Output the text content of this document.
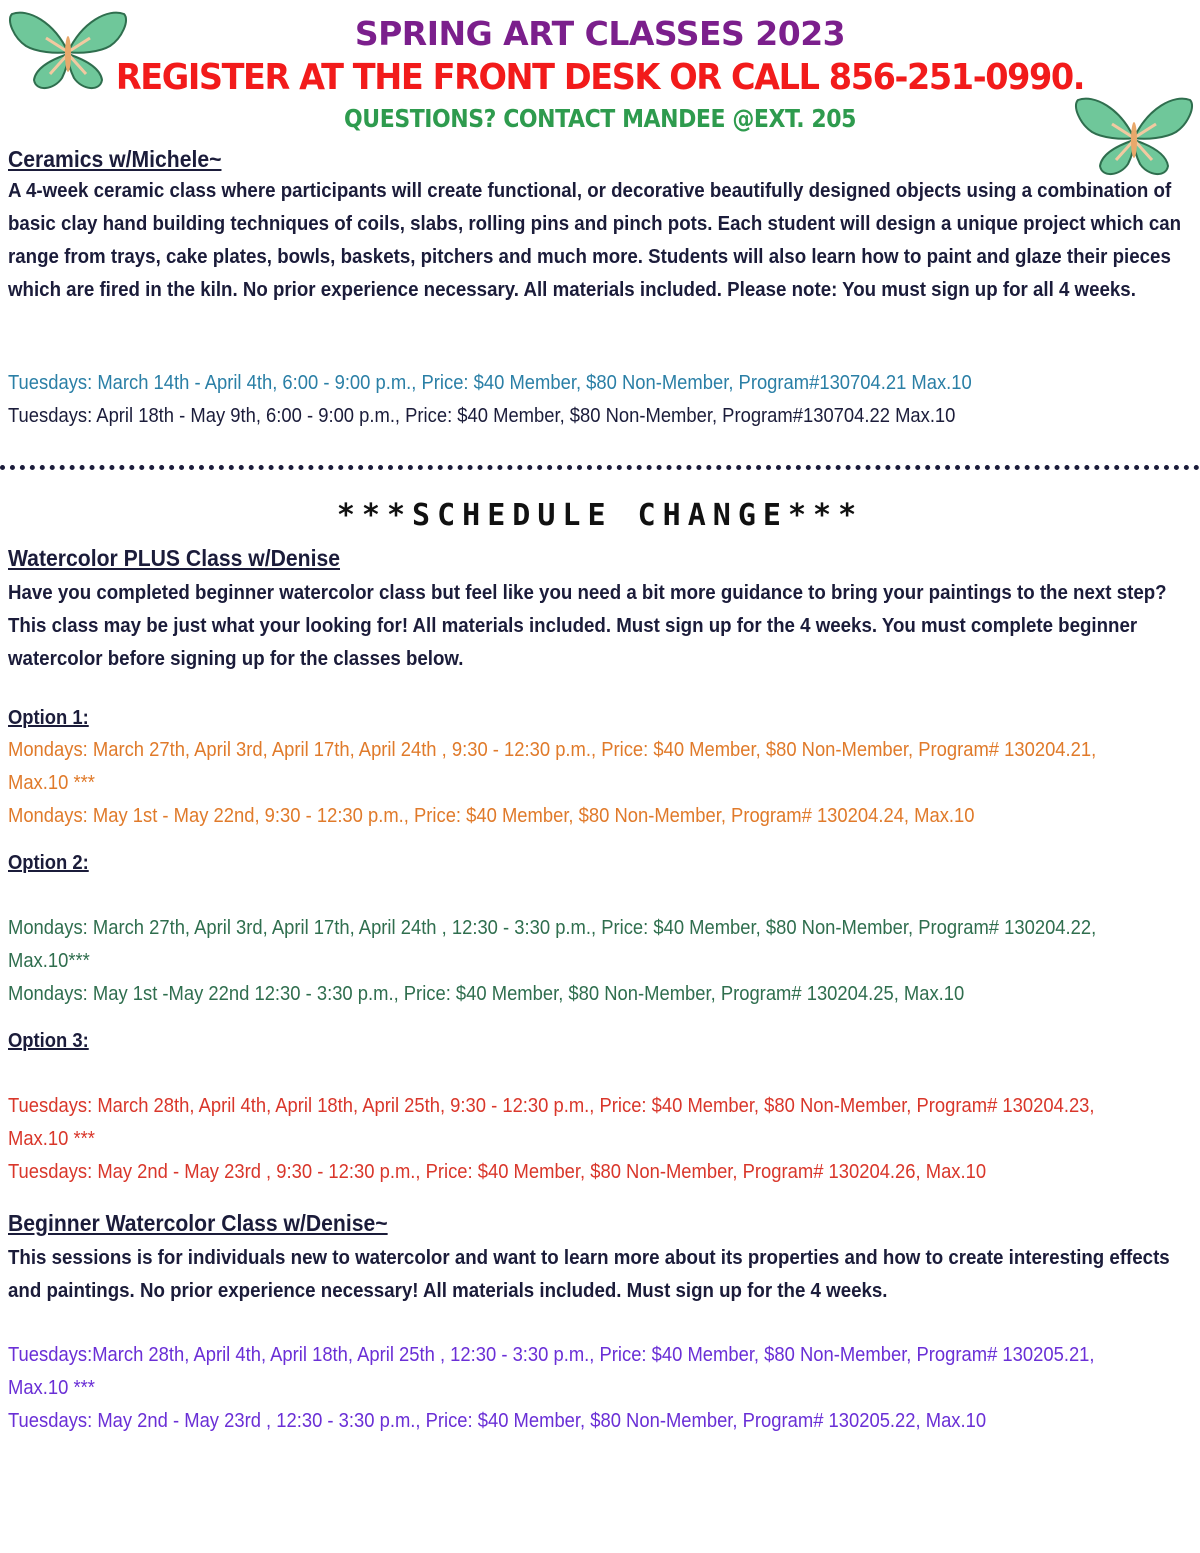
SPRING ART CLASSES 2023
REGISTER AT THE FRONT DESK OR CALL 856-251-0990.
QUESTIONS? CONTACT MANDEE @EXT. 205
Ceramics w/Michele~
A 4-week ceramic class where participants will create functional, or decorative beautifully designed objects using a combination of basic clay hand building techniques of coils, slabs, rolling pins and pinch pots. Each student will design a unique project which can range from trays, cake plates, bowls, baskets, pitchers and much more. Students will also learn how to paint and glaze their pieces which are fired in the kiln. No prior experience necessary. All materials included. Please note: You must sign up for all 4 weeks.
Tuesdays: March 14th - April 4th, 6:00 - 9:00 p.m., Price: $40 Member, $80 Non-Member, Program#130704.21 Max.10
Tuesdays: April 18th - May 9th, 6:00 - 9:00 p.m., Price: $40 Member, $80 Non-Member, Program#130704.22 Max.10
***SCHEDULE CHANGE***
Watercolor PLUS Class w/Denise
Have you completed beginner watercolor class but feel like you need a bit more guidance to bring your paintings to the next step? This class may be just what your looking for! All materials included. Must sign up for the 4 weeks. You must complete beginner watercolor before signing up for the classes below.
Option 1:
Mondays: March 27th, April 3rd, April 17th, April 24th , 9:30 - 12:30 p.m., Price: $40 Member, $80 Non-Member, Program# 130204.21,
Max.10 ***
Mondays: May 1st - May 22nd, 9:30 - 12:30 p.m., Price: $40 Member, $80 Non-Member, Program# 130204.24, Max.10
Option 2:
Mondays: March 27th, April 3rd, April 17th, April 24th , 12:30 - 3:30 p.m., Price: $40 Member, $80 Non-Member, Program# 130204.22,
Max.10***
Mondays: May 1st -May 22nd 12:30 - 3:30 p.m., Price: $40 Member, $80 Non-Member, Program# 130204.25, Max.10
Option 3:
Tuesdays: March 28th, April 4th, April 18th, April 25th, 9:30 - 12:30 p.m., Price: $40 Member, $80 Non-Member, Program# 130204.23,
Max.10 ***
Tuesdays: May 2nd - May 23rd , 9:30 - 12:30 p.m., Price: $40 Member, $80 Non-Member, Program# 130204.26, Max.10
Beginner Watercolor Class w/Denise~
This sessions is for individuals new to watercolor and want to learn more about its properties and how to create interesting effects and paintings. No prior experience necessary! All materials included. Must sign up for the 4 weeks.
Tuesdays:March 28th, April 4th, April 18th, April 25th , 12:30 - 3:30 p.m., Price: $40 Member, $80 Non-Member, Program# 130205.21,
Max.10 ***
Tuesdays: May 2nd - May 23rd , 12:30 - 3:30 p.m., Price: $40 Member, $80 Non-Member, Program# 130205.22, Max.10
